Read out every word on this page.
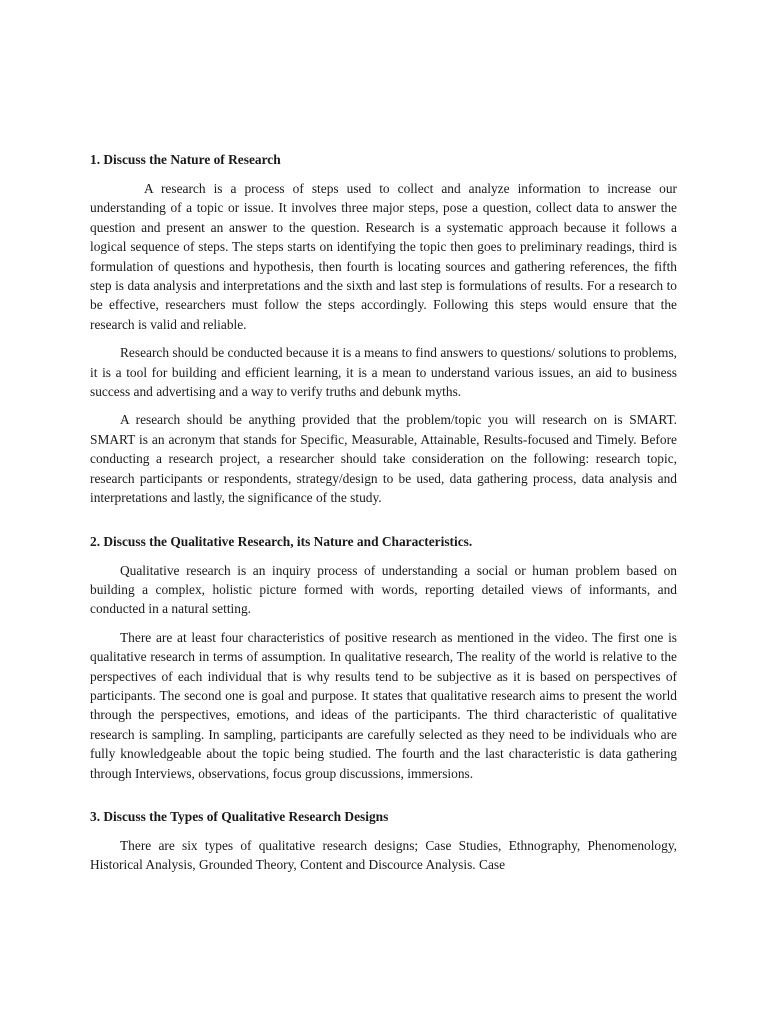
1. Discuss the Nature of Research

A research is a process of steps used to collect and analyze information to increase our understanding of a topic or issue. It involves three major steps, pose a question, collect data to answer the question and present an answer to the question. Research is a systematic approach because it follows a logical sequence of steps. The steps starts on identifying the topic then goes to preliminary readings, third is formulation of questions and hypothesis, then fourth is locating sources and gathering references, the fifth step is data analysis and interpretations and the sixth and last step is formulations of results. For a research to be effective, researchers must follow the steps accordingly. Following this steps would ensure that the research is valid and reliable.

Research should be conducted because it is a means to find answers to questions/ solutions to problems, it is a tool for building and efficient learning, it is a mean to understand various issues, an aid to business success and advertising and a way to verify truths and debunk myths.

A research should be anything provided that the problem/topic you will research on is SMART. SMART is an acronym that stands for Specific, Measurable, Attainable, Results-focused and Timely. Before conducting a research project, a researcher should take consideration on the following: research topic, research participants or respondents, strategy/design to be used, data gathering process, data analysis and interpretations and lastly, the significance of the study.

2. Discuss the Qualitative Research, its Nature and Characteristics.

Qualitative research is an inquiry process of understanding a social or human problem based on building a complex, holistic picture formed with words, reporting detailed views of informants, and conducted in a natural setting.

There are at least four characteristics of positive research as mentioned in the video. The first one is qualitative research in terms of assumption. In qualitative research, The reality of the world is relative to the perspectives of each individual that is why results tend to be subjective as it is based on perspectives of participants. The second one is goal and purpose. It states that qualitative research aims to present the world through the perspectives, emotions, and ideas of the participants. The third characteristic of qualitative research is sampling. In sampling, participants are carefully selected as they need to be individuals who are fully knowledgeable about the topic being studied. The fourth and the last characteristic is data gathering through Interviews, observations, focus group discussions, immersions.

3. Discuss the Types of Qualitative Research Designs

There are six types of qualitative research designs; Case Studies, Ethnography, Phenomenology, Historical Analysis, Grounded Theory, Content and Discource Analysis. Case
